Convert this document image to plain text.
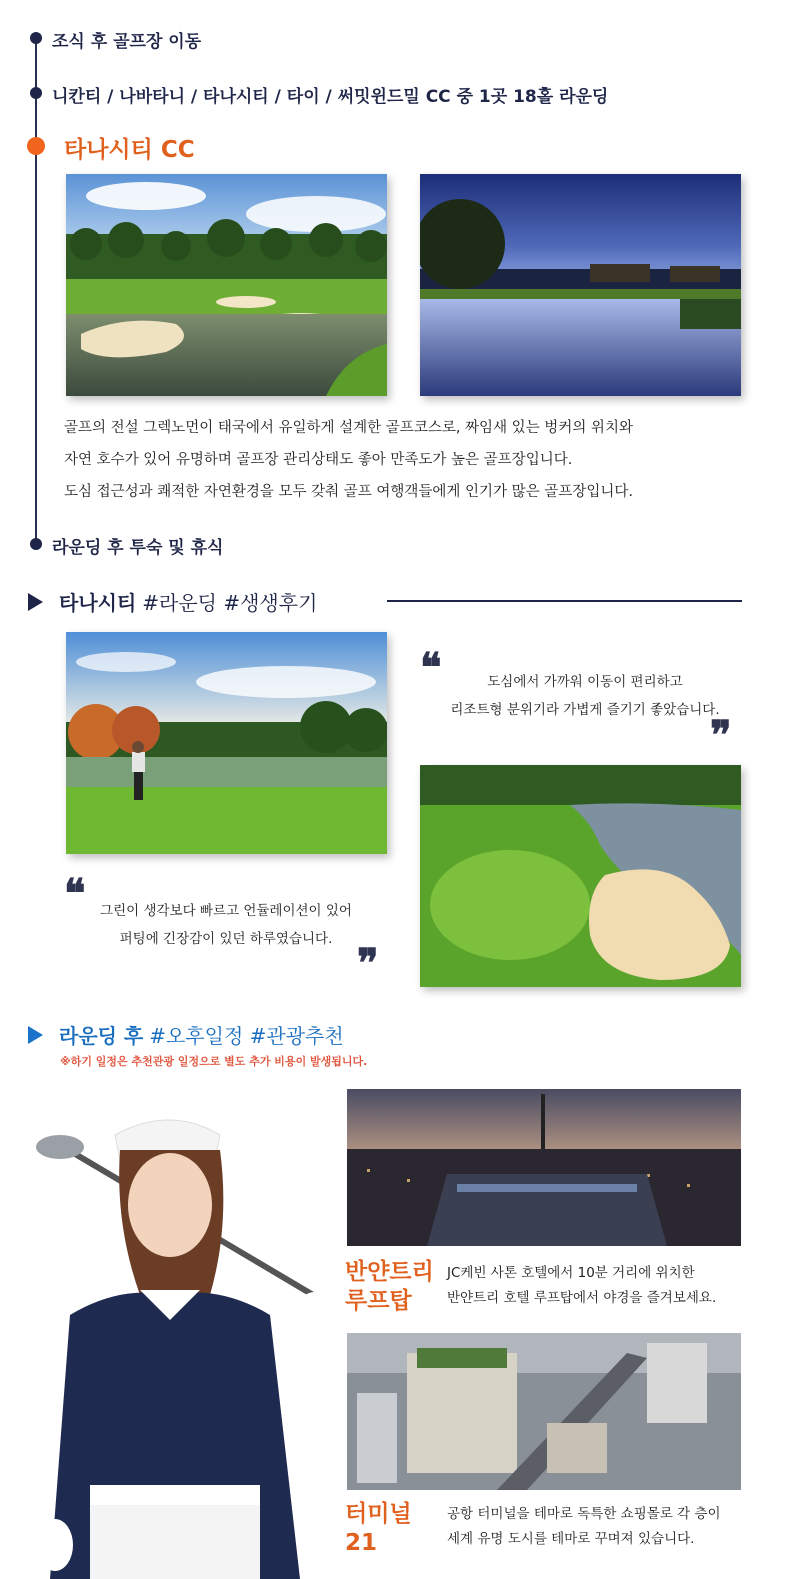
조식 후 골프장 이동
니칸티 / 나바타니 / 타나시티 / 타이 / 써밋윈드밀 CC 중 1곳 18홀 라운딩
타나시티 CC

골프의 전설 그렉노먼이 태국에서 유일하게 설계한 골프코스로, 짜임새 있는 벙커의 위치와

자연 호수가 있어 유명하며 골프장 관리상태도 좋아 만족도가 높은 골프장입니다.

도심 접근성과 쾌적한 자연환경을 모두 갖춰 골프 여행객들에게 인기가 많은 골프장입니다.

라운딩 후 투숙 및 휴식
타나시티 #라운딩 #생생후기
❝	도심에서 가까워 이동이 편리하고
리조트형 분위기라 가볍게 즐기기 좋았습니다.
❞
❝	그린이 생각보다 빠르고 언듈레이션이 있어
퍼팅에 긴장감이 있던 하루였습니다.
❞
라운딩 후 #오후일정 #관광추천
※하기 일정은 추천관광 일정으로 별도 추가 비용이 발생됩니다.
반얀트리
루프탑
JC케빈 사톤 호텔에서 10분 거리에 위치한
반얀트리 호텔 루프탑에서 야경을 즐겨보세요.
터미널
21
공항 터미널을 테마로 독특한 쇼핑몰로 각 층이
세계 유명 도시를 테마로 꾸며져 있습니다.
